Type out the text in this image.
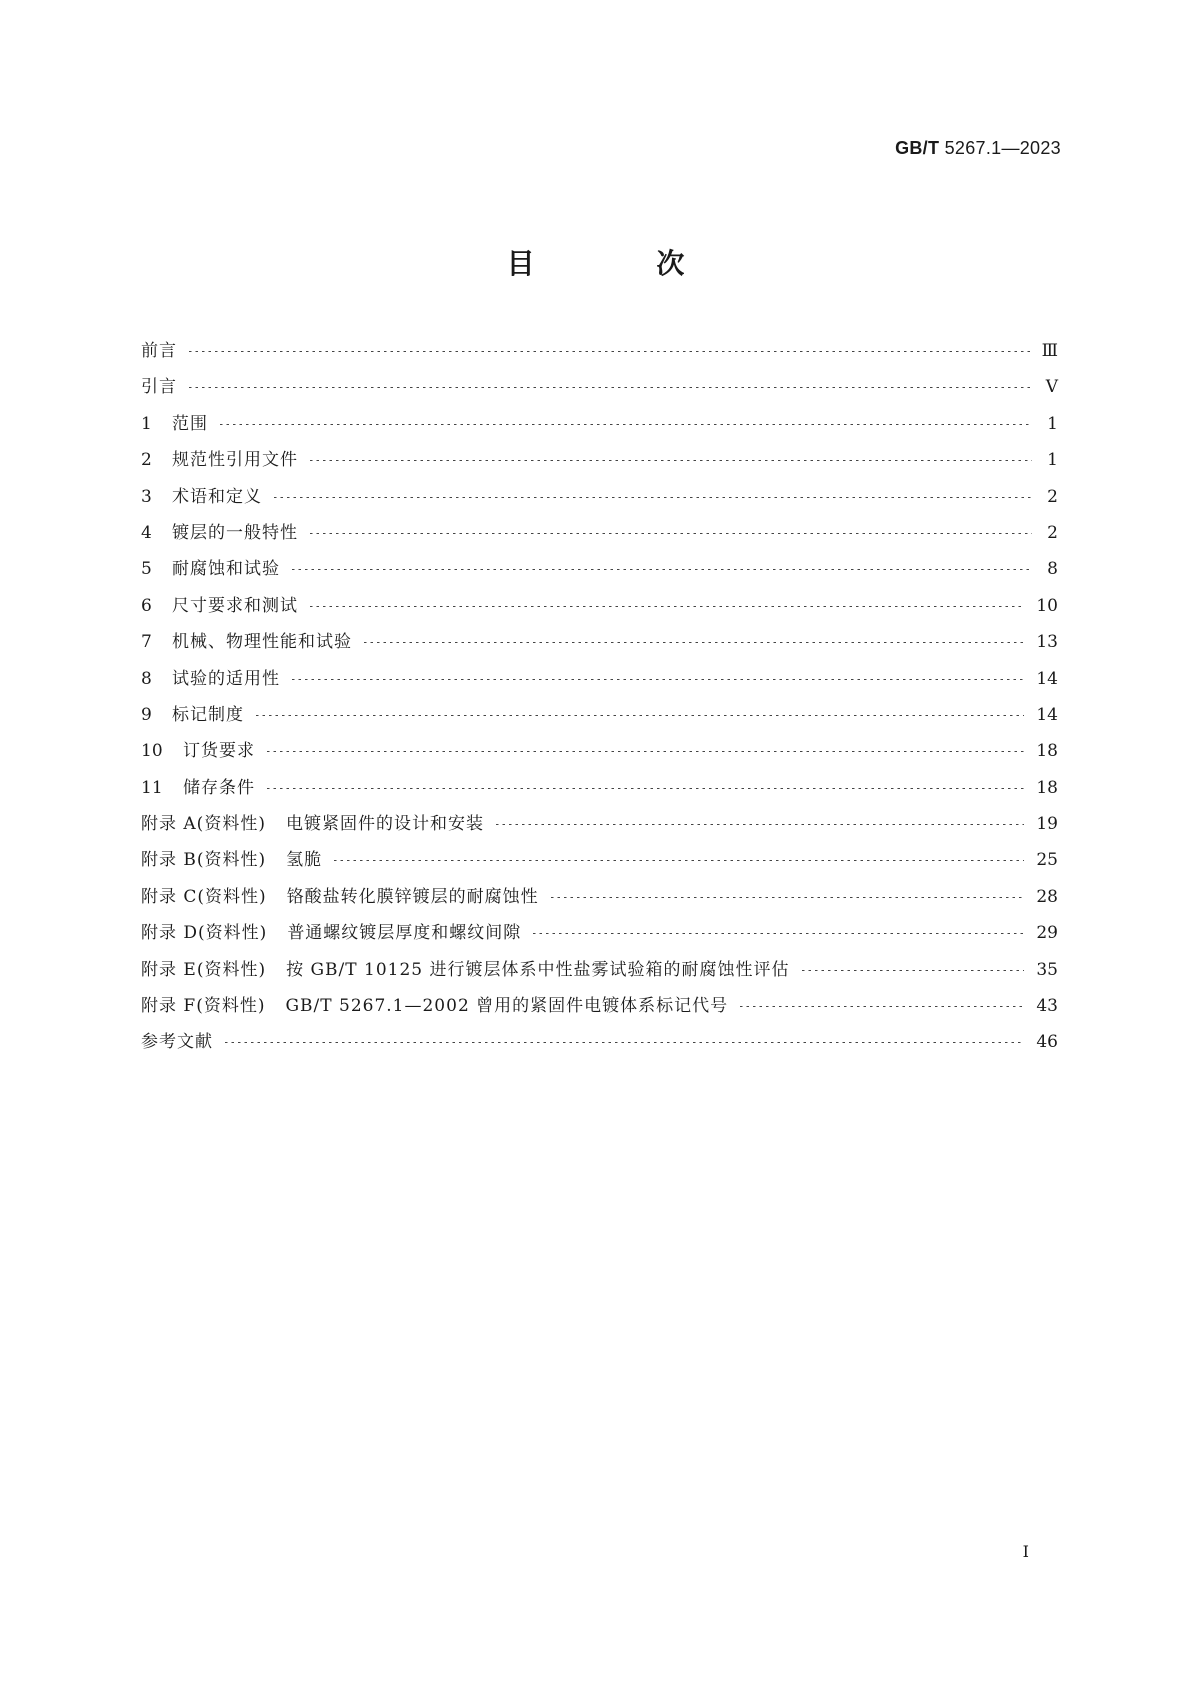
GB/T 5267.1—2023
目 次
前言	Ⅲ
引言	Ⅴ
1	范围	1
2	规范性引用文件	1
3	术语和定义	2
4	镀层的一般特性	2
5	耐腐蚀和试验	8
6	尺寸要求和测试	10
7	机械、物理性能和试验	13
8	试验的适用性	14
9	标记制度	14
10	订货要求	18
11	储存条件	18
附录 A(资料性) 电镀紧固件的设计和安装	19
附录 B(资料性) 氢脆	25
附录 C(资料性) 铬酸盐转化膜锌镀层的耐腐蚀性	28
附录 D(资料性) 普通螺纹镀层厚度和螺纹间隙	29
附录 E(资料性) 按 GB/T 10125 进行镀层体系中性盐雾试验箱的耐腐蚀性评估	35
附录 F(资料性) GB/T 5267.1—2002 曾用的紧固件电镀体系标记代号	43
参考文献	46
Ⅰ
